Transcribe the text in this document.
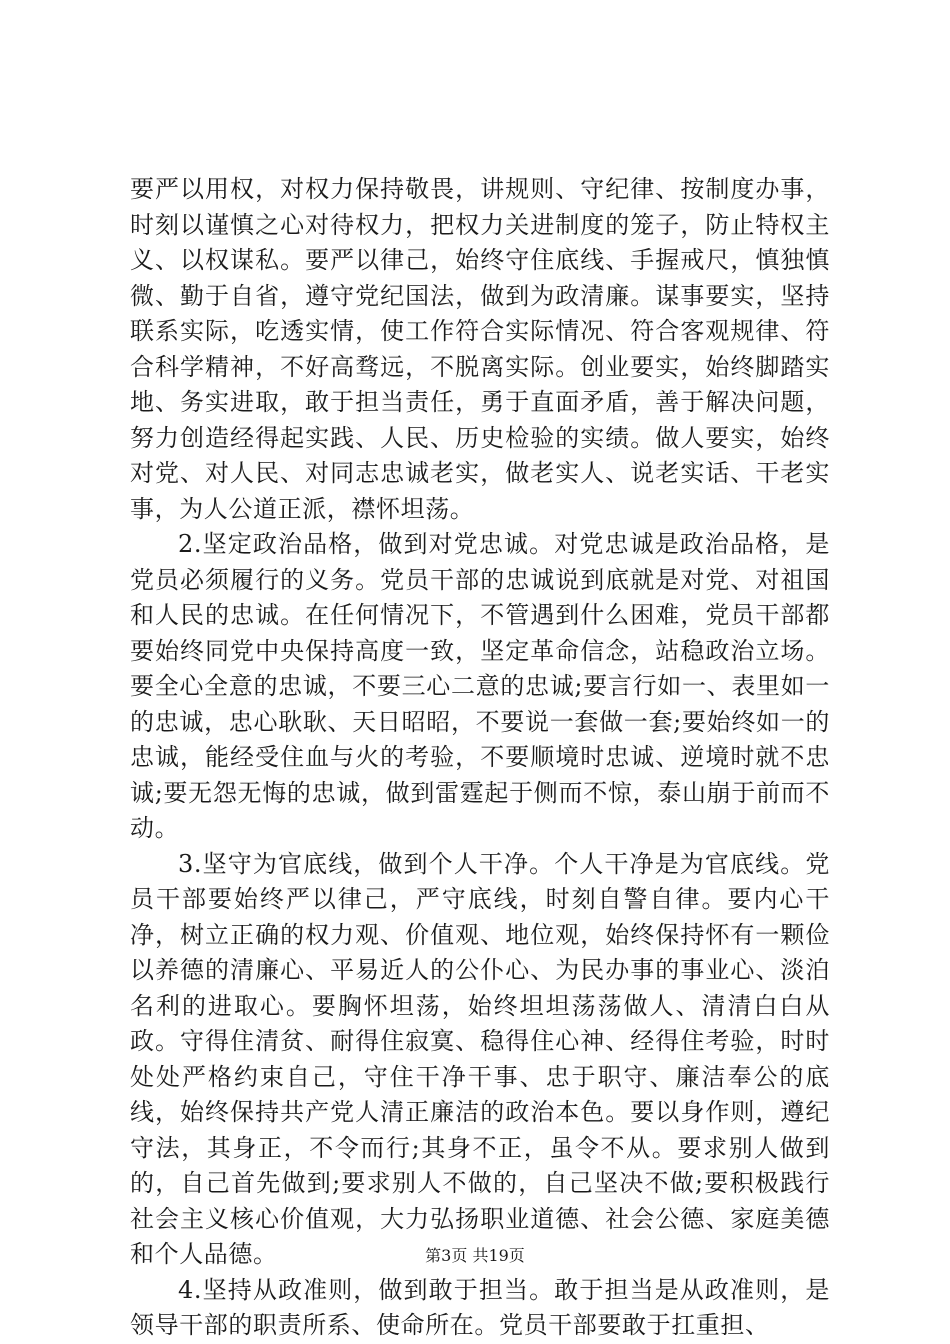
要严以用权，对权力保持敬畏，讲规则、守纪律、按制度办事，时刻以谨慎之心对待权力，把权力关进制度的笼子，防止特权主义、以权谋私。要严以律己，始终守住底线、手握戒尺，慎独慎微、勤于自省，遵守党纪国法，做到为政清廉。谋事要实，坚持联系实际，吃透实情，使工作符合实际情况、符合客观规律、符合科学精神，不好高骛远，不脱离实际。创业要实，始终脚踏实地、务实进取，敢于担当责任，勇于直面矛盾，善于解决问题，努力创造经得起实践、人民、历史检验的实绩。做人要实，始终对党、对人民、对同志忠诚老实，做老实人、说老实话、干老实事，为人公道正派，襟怀坦荡。

2.坚定政治品格，做到对党忠诚。对党忠诚是政治品格，是党员必须履行的义务。党员干部的忠诚说到底就是对党、对祖国和人民的忠诚。在任何情况下，不管遇到什么困难，党员干部都要始终同党中央保持高度一致，坚定革命信念，站稳政治立场。要全心全意的忠诚，不要三心二意的忠诚;要言行如一、表里如一的忠诚，忠心耿耿、天日昭昭，不要说一套做一套;要始终如一的忠诚，能经受住血与火的考验，不要顺境时忠诚、逆境时就不忠诚;要无怨无悔的忠诚，做到雷霆起于侧而不惊，泰山崩于前而不动。

3.坚守为官底线，做到个人干净。个人干净是为官底线。党员干部要始终严以律己，严守底线，时刻自警自律。要内心干净，树立正确的权力观、价值观、地位观，始终保持怀有一颗俭以养德的清廉心、平易近人的公仆心、为民办事的事业心、淡泊名利的进取心。要胸怀坦荡，始终坦坦荡荡做人、清清白白从政。守得住清贫、耐得住寂寞、稳得住心神、经得住考验，时时处处严格约束自己，守住干净干事、忠于职守、廉洁奉公的底线，始终保持共产党人清正廉洁的政治本色。要以身作则，遵纪守法，其身正，不令而行;其身不正，虽令不从。要求别人做到的，自己首先做到;要求别人不做的，自己坚决不做;要积极践行社会主义核心价值观，大力弘扬职业道德、社会公德、家庭美德和个人品德。

4.坚持从政准则，做到敢于担当。敢于担当是从政准则，是领导干部的职责所系、使命所在。党员干部要敢于扛重担、

第3页 共19页
